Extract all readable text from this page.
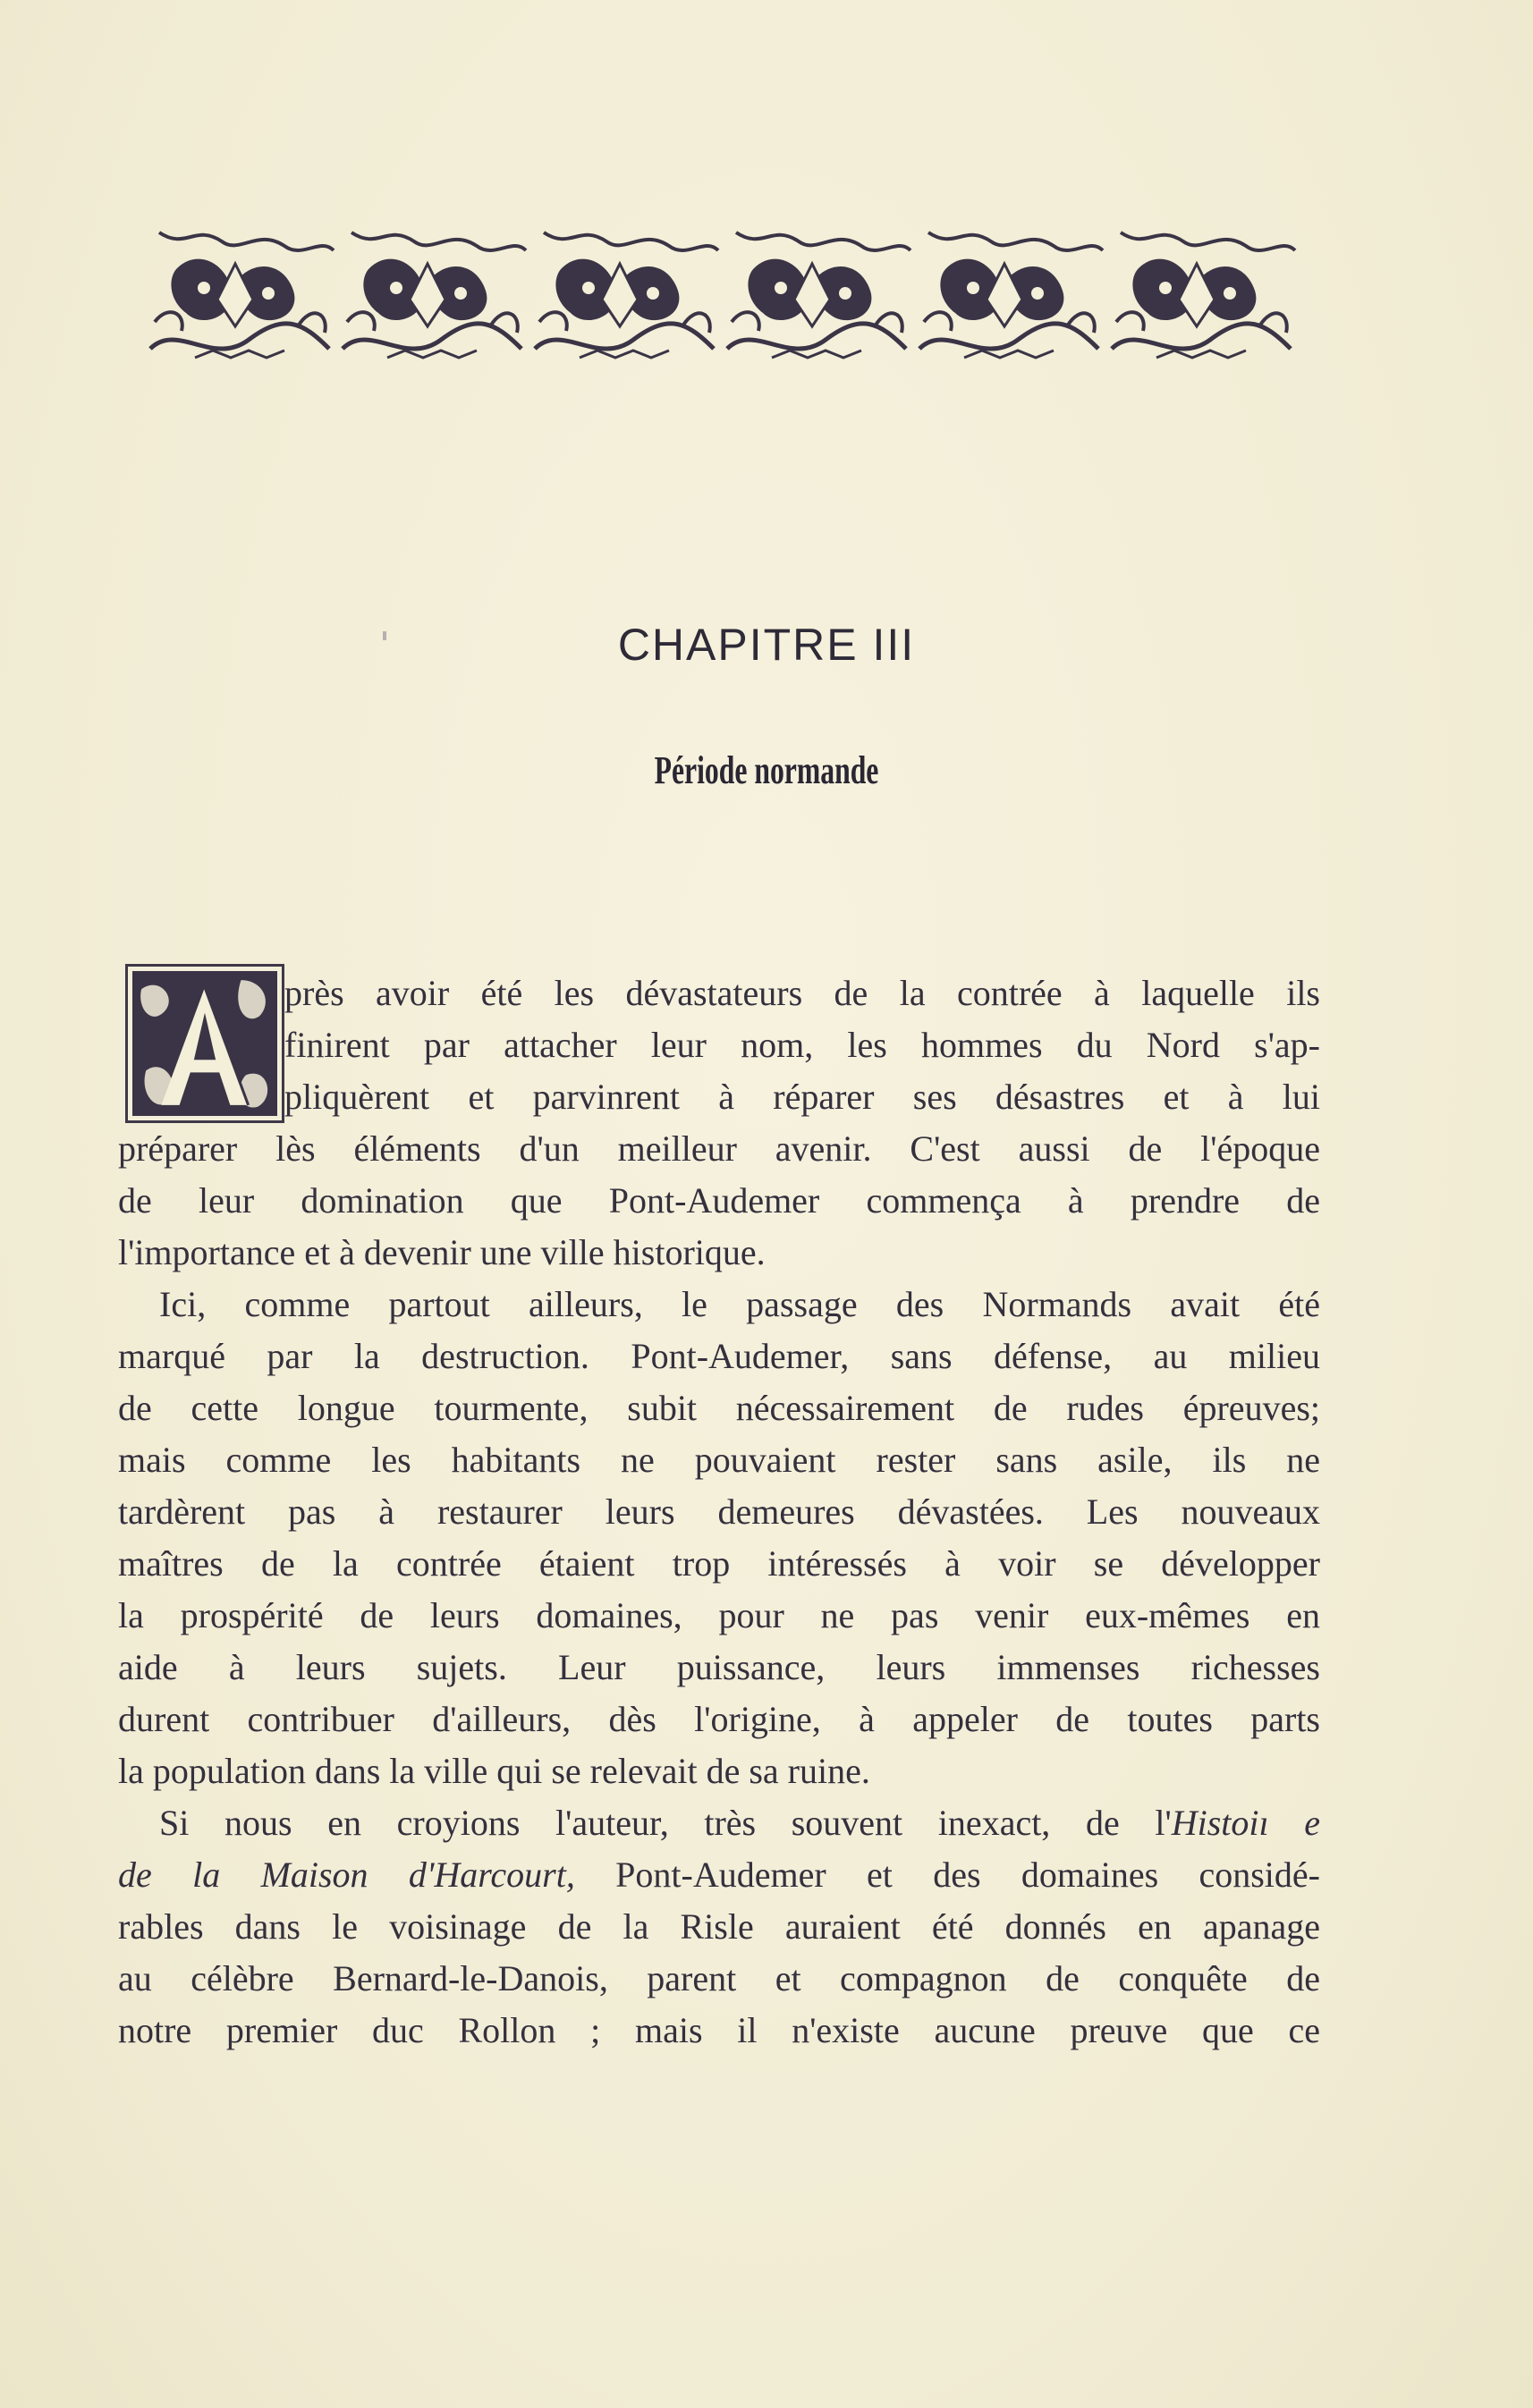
CHAPITRE III
Période normande
près avoir été les dévastateurs de la contrée à laquelle ils
finirent par attacher leur nom, les hommes du Nord s'ap-
pliquèrent et parvinrent à réparer ses désastres et à lui
préparer lès éléments d'un meilleur avenir. C'est aussi de l'époque
de leur domination que Pont-Audemer commença à prendre de
l'importance et à devenir une ville historique.
Ici, comme partout ailleurs, le passage des Normands avait été
marqué par la destruction. Pont-Audemer, sans défense, au milieu
de cette longue tourmente, subit nécessairement de rudes épreuves;
mais comme les habitants ne pouvaient rester sans asile, ils ne
tardèrent pas à restaurer leurs demeures dévastées. Les nouveaux
maîtres de la contrée étaient trop intéressés à voir se développer
la prospérité de leurs domaines, pour ne pas venir eux-mêmes en
aide à leurs sujets. Leur puissance, leurs immenses richesses
durent contribuer d'ailleurs, dès l'origine, à appeler de toutes parts
la population dans la ville qui se relevait de sa ruine.
Si nous en croyions l'auteur, très souvent inexact, de l'Histoiı e
de la Maison d'Harcourt, Pont-Audemer et des domaines considé-
rables dans le voisinage de la Risle auraient été donnés en apanage
au célèbre Bernard-le-Danois, parent et compagnon de conquête de
notre premier duc Rollon ; mais il n'existe aucune preuve que ce
